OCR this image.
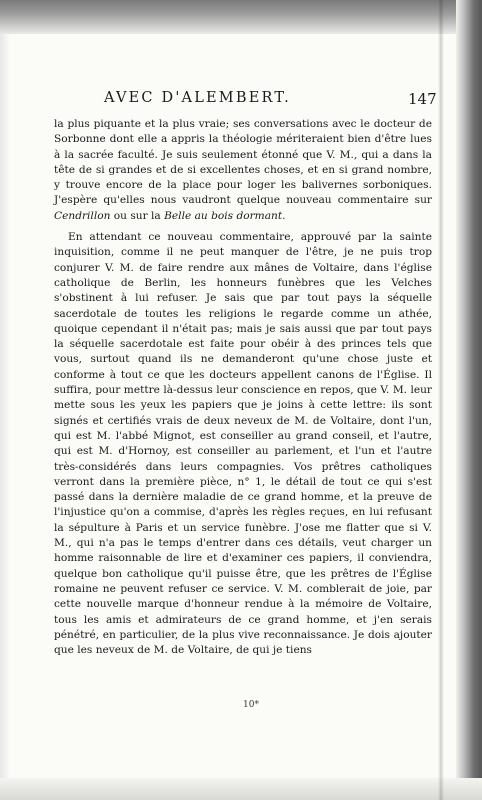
AVEC D'ALEMBERT.	147

la plus piquante et la plus vraie; ses conversations avec le docteur de Sorbonne dont elle a appris la théologie mériteraient bien d'être lues à la sacrée faculté. Je suis seulement étonné que V. M., qui a dans la tête de si grandes et de si excellentes choses, et en si grand nombre, y trouve encore de la place pour loger les balivernes sorboniques. J'espère qu'elles nous vaudront quelque nouveau commentaire sur Cendrillon ou sur la Belle au bois dormant.

En attendant ce nouveau commentaire, approuvé par la sainte inquisition, comme il ne peut manquer de l'être, je ne puis trop conjurer V. M. de faire rendre aux mânes de Voltaire, dans l'église catholique de Berlin, les honneurs funèbres que les Velches s'obstinent à lui refuser. Je sais que par tout pays la séquelle sacerdotale de toutes les religions le regarde comme un athée, quoique cependant il n'était pas; mais je sais aussi que par tout pays la séquelle sacerdotale est faite pour obéir à des princes tels que vous, surtout quand ils ne demanderont qu'une chose juste et conforme à tout ce que les docteurs appellent canons de l'Église. Il suffira, pour mettre là-dessus leur conscience en repos, que V. M. leur mette sous les yeux les papiers que je joins à cette lettre: ils sont signés et certifiés vrais de deux neveux de M. de Voltaire, dont l'un, qui est M. l'abbé Mignot, est conseiller au grand conseil, et l'autre, qui est M. d'Hornoy, est conseiller au parlement, et l'un et l'autre très-considérés dans leurs compagnies. Vos prêtres catholiques verront dans la première pièce, n° 1, le détail de tout ce qui s'est passé dans la dernière maladie de ce grand homme, et la preuve de l'injustice qu'on a commise, d'après les règles reçues, en lui refusant la sépulture à Paris et un service funèbre. J'ose me flatter que si V. M., qui n'a pas le temps d'entrer dans ces détails, veut charger un homme raisonnable de lire et d'examiner ces papiers, il conviendra, quelque bon catholique qu'il puisse être, que les prêtres de l'Église romaine ne peuvent refuser ce service. V. M. comblerait de joie, par cette nouvelle marque d'honneur rendue à la mémoire de Voltaire, tous les amis et admirateurs de ce grand homme, et j'en serais pénétré, en particulier, de la plus vive reconnaissance. Je dois ajouter que les neveux de M. de Voltaire, de qui je tiens

10*
